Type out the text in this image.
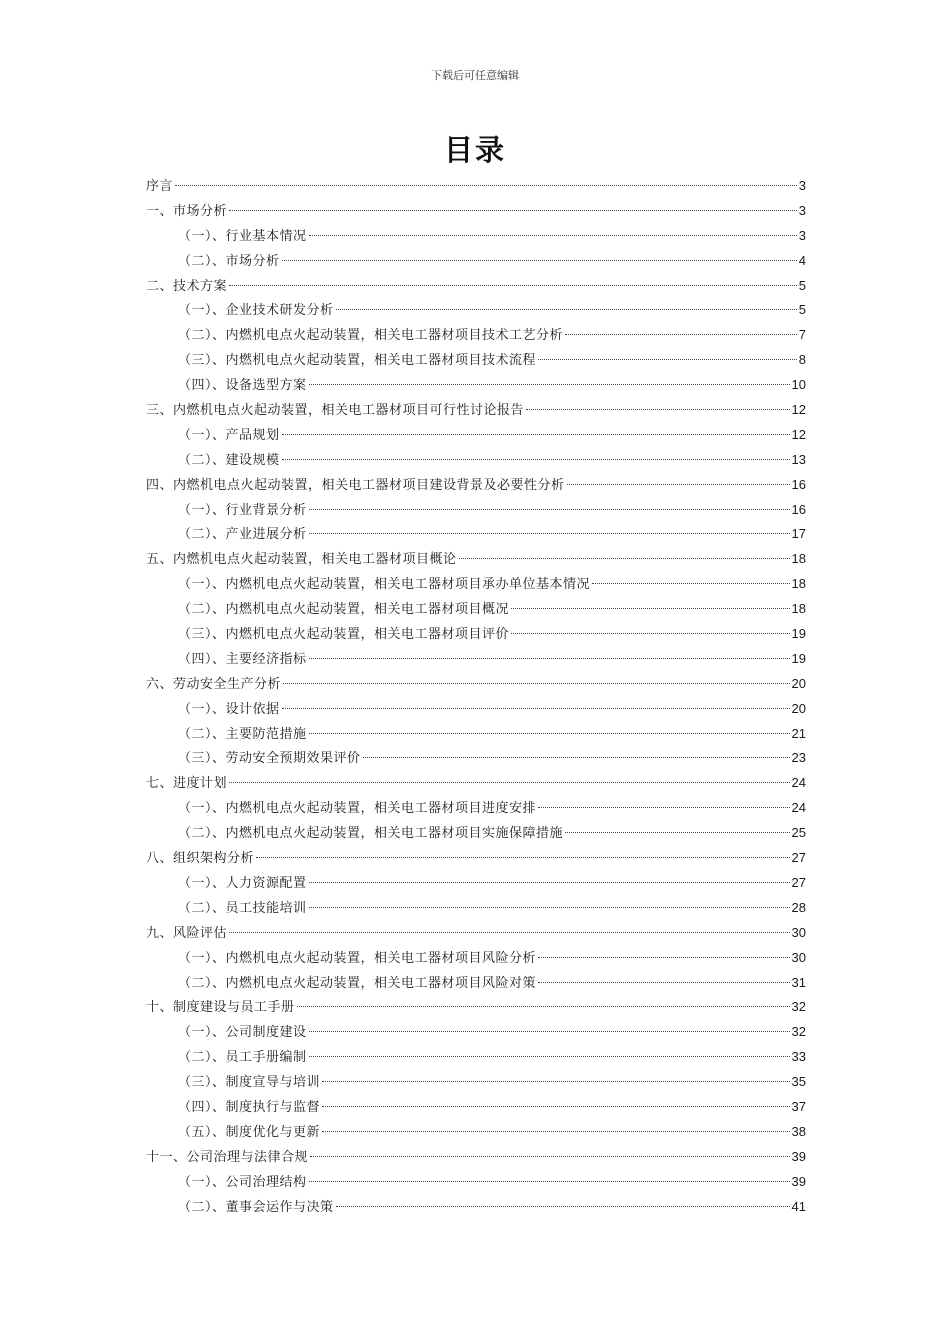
下载后可任意编辑
目录
序言	3
一、市场分析	3
（一）、行业基本情况	3
（二）、市场分析	4
二、技术方案	5
（一）、企业技术研发分析	5
（二）、内燃机电点火起动装置，相关电工器材项目技术工艺分析	7
（三）、内燃机电点火起动装置，相关电工器材项目技术流程	8
（四）、设备选型方案	10
三、内燃机电点火起动装置，相关电工器材项目可行性讨论报告	12
（一）、产品规划	12
（二）、建设规模	13
四、内燃机电点火起动装置，相关电工器材项目建设背景及必要性分析	16
（一）、行业背景分析	16
（二）、产业进展分析	17
五、内燃机电点火起动装置，相关电工器材项目概论	18
（一）、内燃机电点火起动装置，相关电工器材项目承办单位基本情况	18
（二）、内燃机电点火起动装置，相关电工器材项目概况	18
（三）、内燃机电点火起动装置，相关电工器材项目评价	19
（四）、主要经济指标	19
六、劳动安全生产分析	20
（一）、设计依据	20
（二）、主要防范措施	21
（三）、劳动安全预期效果评价	23
七、进度计划	24
（一）、内燃机电点火起动装置，相关电工器材项目进度安排	24
（二）、内燃机电点火起动装置，相关电工器材项目实施保障措施	25
八、组织架构分析	27
（一）、人力资源配置	27
（二）、员工技能培训	28
九、风险评估	30
（一）、内燃机电点火起动装置，相关电工器材项目风险分析	30
（二）、内燃机电点火起动装置，相关电工器材项目风险对策	31
十、制度建设与员工手册	32
（一）、公司制度建设	32
（二）、员工手册编制	33
（三）、制度宣导与培训	35
（四）、制度执行与监督	37
（五）、制度优化与更新	38
十一、公司治理与法律合规	39
（一）、公司治理结构	39
（二）、董事会运作与决策	41
